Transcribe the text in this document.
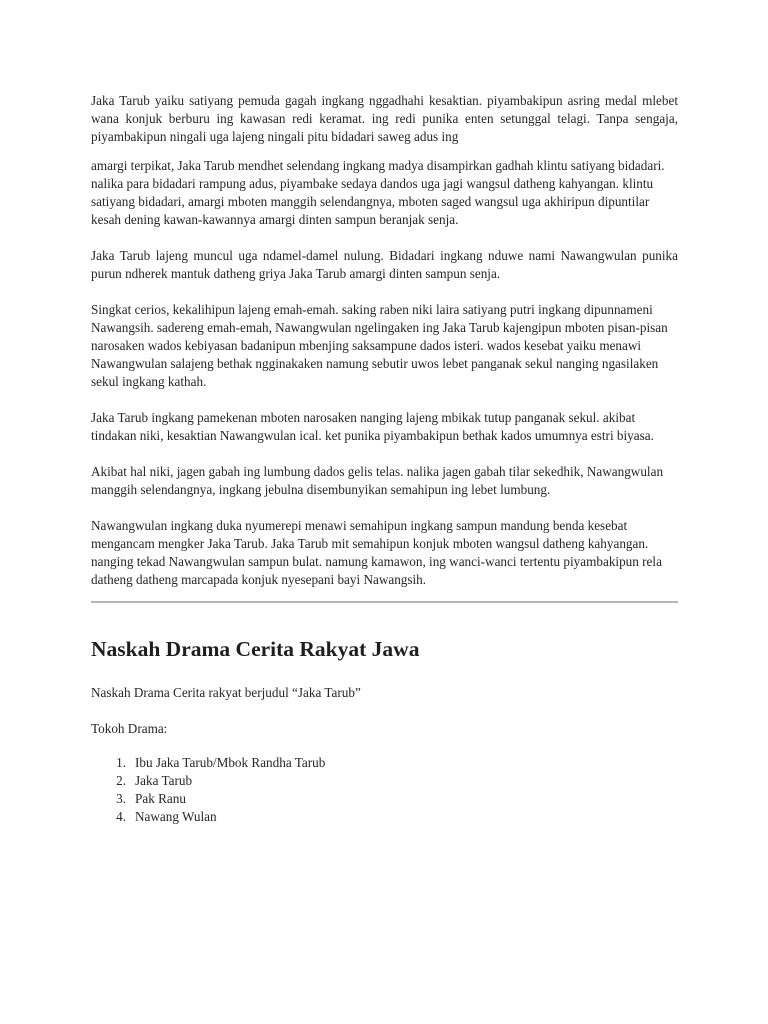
Jaka Tarub yaiku satiyang pemuda gagah ingkang nggadhahi kesaktian. piyambakipun asring medal mlebet wana konjuk berburu ing kawasan redi keramat. ing redi punika enten setunggal telagi. Tanpa sengaja, piyambakipun ningali uga lajeng ningali pitu bidadari saweg adus ing

amargi terpikat, Jaka Tarub mendhet selendang ingkang madya disampirkan gadhah klintu satiyang bidadari. nalika para bidadari rampung adus, piyambake sedaya dandos uga jagi wangsul datheng kahyangan. klintu satiyang bidadari, amargi mboten manggih selendangnya, mboten saged wangsul uga akhiripun dipuntilar kesah dening kawan-kawannya amargi dinten sampun beranjak senja.

Jaka Tarub lajeng muncul uga ndamel-damel nulung. Bidadari ingkang nduwe nami Nawangwulan punika purun ndherek mantuk datheng griya Jaka Tarub amargi dinten sampun senja.

Singkat cerios, kekalihipun lajeng emah-emah. saking raben niki laira satiyang putri ingkang dipunnameni Nawangsih. sadereng emah-emah, Nawangwulan ngelingaken ing Jaka Tarub kajengipun mboten pisan-pisan narosaken wados kebiyasan badanipun mbenjing saksampune dados isteri. wados kesebat yaiku menawi Nawangwulan salajeng bethak ngginakaken namung sebutir uwos lebet panganak sekul nanging ngasilaken sekul ingkang kathah.

Jaka Tarub ingkang pamekenan mboten narosaken nanging lajeng mbikak tutup panganak sekul. akibat tindakan niki, kesaktian Nawangwulan ical. ket punika piyambakipun bethak kados umumnya estri biyasa.

Akibat hal niki, jagen gabah ing lumbung dados gelis telas. nalika jagen gabah tilar sekedhik, Nawangwulan manggih selendangnya, ingkang jebulna disembunyikan semahipun ing lebet lumbung.

Nawangwulan ingkang duka nyumerepi menawi semahipun ingkang sampun mandung benda kesebat mengancam mengker Jaka Tarub. Jaka Tarub mit semahipun konjuk mboten wangsul datheng kahyangan. nanging tekad Nawangwulan sampun bulat. namung kamawon, ing wanci-wanci tertentu piyambakipun rela datheng datheng marcapada konjuk nyesepani bayi Nawangsih.

Naskah Drama Cerita Rakyat Jawa

Naskah Drama Cerita rakyat berjudul “Jaka Tarub”

Tokoh Drama:

1. Ibu Jaka Tarub/Mbok Randha Tarub
2. Jaka Tarub
3. Pak Ranu
4. Nawang Wulan
